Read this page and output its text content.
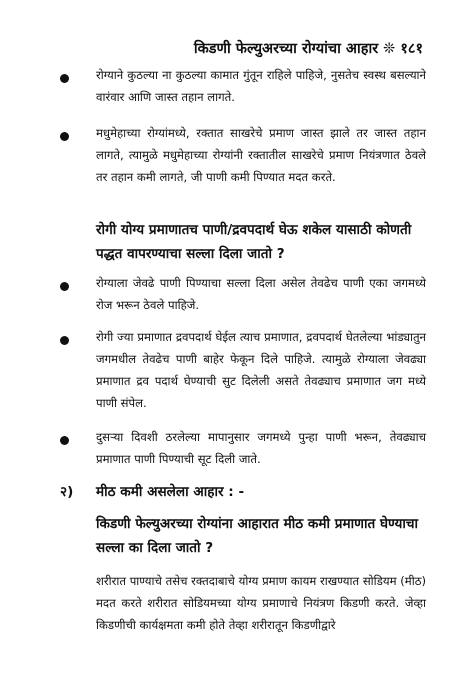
किडणी फेल्युअरच्या रोग्यांचा आहार ❊ १८१

रोग्याने कुठल्या ना कुठल्या कामात गुंतून राहिले पाहिजे, नुसतेच स्वस्थ बसल्याने वारंवार आणि जास्त तहान लागते.

मधुमेहाच्या रोग्यांमध्ये, रक्तात साखरेचे प्रमाण जास्त झाले तर जास्त तहान लागते, त्यामुळे मधुमेहाच्या रोग्यांनी रक्तातील साखरेचे प्रमाण नियंत्रणात ठेवले तर तहान कमी लागते, जी पाणी कमी पिण्यात मदत करते.

रोगी योग्य प्रमाणातच पाणी/द्रवपदार्थ घेऊ शकेल यासाठी कोणती पद्धत वापरण्याचा सल्ला दिला जातो ?

रोग्याला जेवढे पाणी पिण्याचा सल्ला दिला असेल तेवढेच पाणी एका जगमध्ये रोज भरून ठेवले पाहिजे.

रोगी ज्या प्रमाणात द्रवपदार्थ घेईल त्याच प्रमाणात, द्रवपदार्थ घेतलेल्या भांड्यातुन जगमधील तेवढेच पाणी बाहेर फेकून दिले पाहिजे. त्यामुळे रोग्याला जेवढ्या प्रमाणात द्रव पदार्थ घेण्याची सुट दिलेली असते तेवढ्याच प्रमाणात जग मध्ये पाणी संपेल.

दुसऱ्या दिवशी ठरलेल्या मापानुसार जगमध्ये पुन्हा पाणी भरून, तेवढ्याच प्रमाणात पाणी पिण्याची सूट दिली जाते.

२) मीठ कमी असलेला आहार : -

किडणी फेल्युअरच्या रोग्यांना आहारात मीठ कमी प्रमाणात घेण्याचा सल्ला का दिला जातो ?

शरीरात पाण्याचे तसेच रक्तदाबाचे योग्य प्रमाण कायम राखण्यात सोडियम (मीठ) मदत करते शरीरात सोडियमच्या योग्य प्रमाणाचे नियंत्रण किडणी करते. जेव्हा किडणीची कार्यक्षमता कमी होते तेव्हा शरीरातून किडणीद्वारे
